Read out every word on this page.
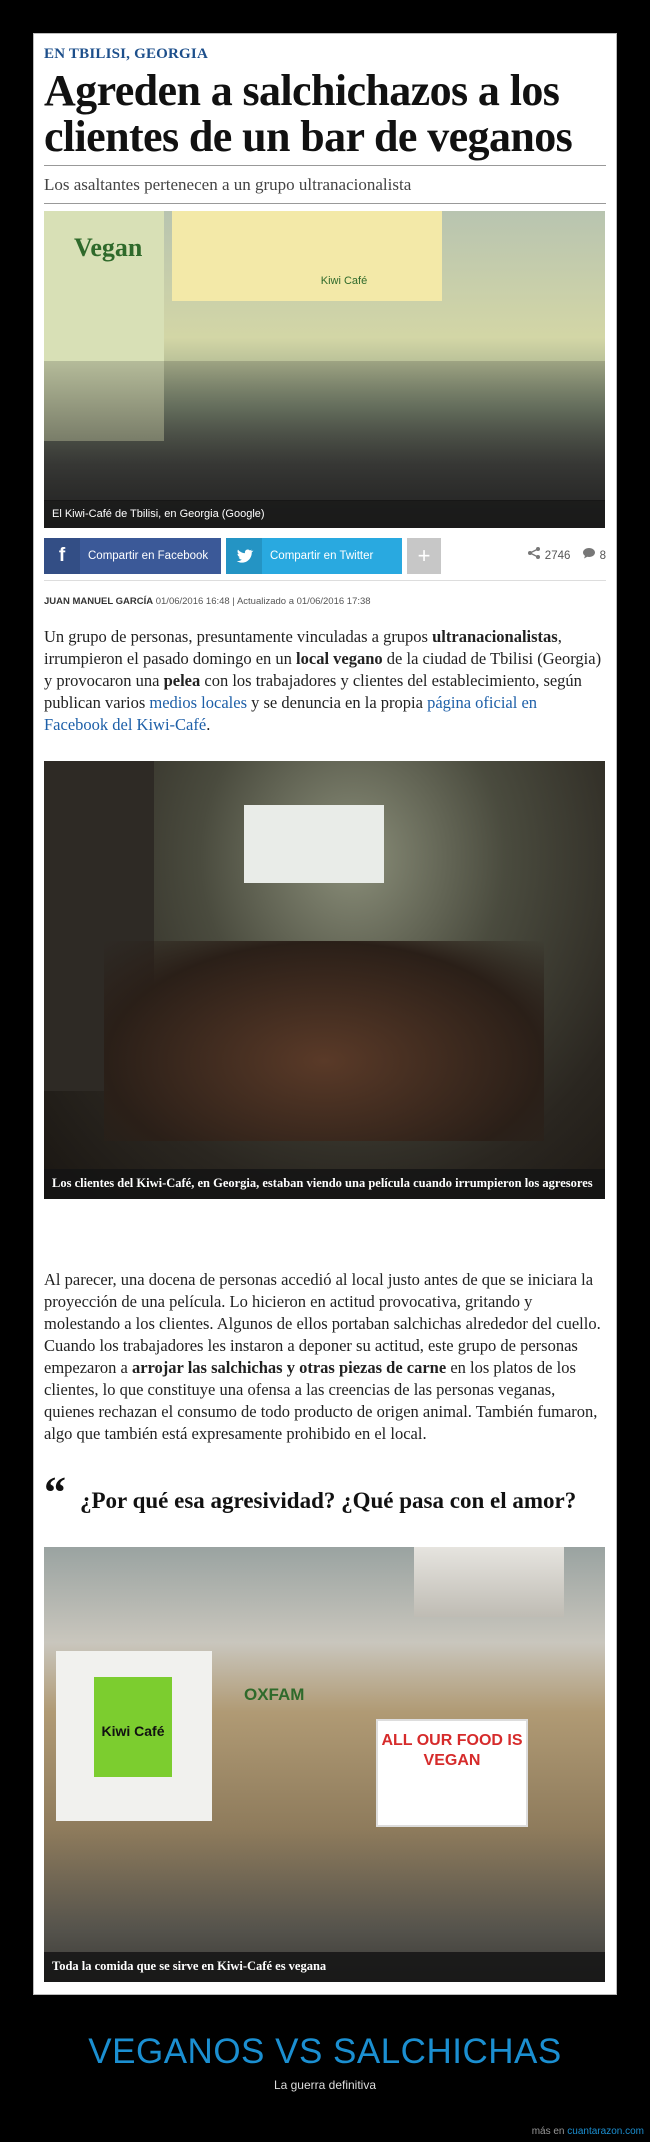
EN TBILISI, GEORGIA
Agreden a salchichazos a los clientes de un bar de veganos
Los asaltantes pertenecen a un grupo ultranacionalista
Vegan
Kiwi Café
El Kiwi-Café de Tbilisi, en Georgia (Google)
f	Compartir en Facebook	Compartir en Twitter	+	2746	8
JUAN MANUEL GARCÍA 01/06/2016 16:48 | Actualizado a 01/06/2016 17:38
Un grupo de personas, presuntamente vinculadas a grupos ultranacionalistas, irrumpieron el pasado domingo en un local vegano de la ciudad de Tbilisi (Georgia) y provocaron una pelea con los trabajadores y clientes del establecimiento, según publican varios medios locales y se denuncia en la propia página oficial en Facebook del Kiwi-Café.
Los clientes del Kiwi-Café, en Georgia, estaban viendo una película cuando irrumpieron los agresores
Al parecer, una docena de personas accedió al local justo antes de que se iniciara la proyección de una película. Lo hicieron en actitud provocativa, gritando y molestando a los clientes. Algunos de ellos portaban salchichas alrededor del cuello. Cuando los trabajadores les instaron a deponer su actitud, este grupo de personas empezaron a arrojar las salchichas y otras piezas de carne en los platos de los clientes, lo que constituye una ofensa a las creencias de las personas veganas, quienes rechazan el consumo de todo producto de origen animal. También fumaron, algo que también está expresamente prohibido en el local.
“ ¿Por qué esa agresividad? ¿Qué pasa con el amor?
Kiwi Café
OXFAM
ALL OUR FOOD IS VEGAN
Toda la comida que se sirve en Kiwi-Café es vegana
VEGANOS VS SALCHICHAS
La guerra definitiva
más en cuantarazon.com
